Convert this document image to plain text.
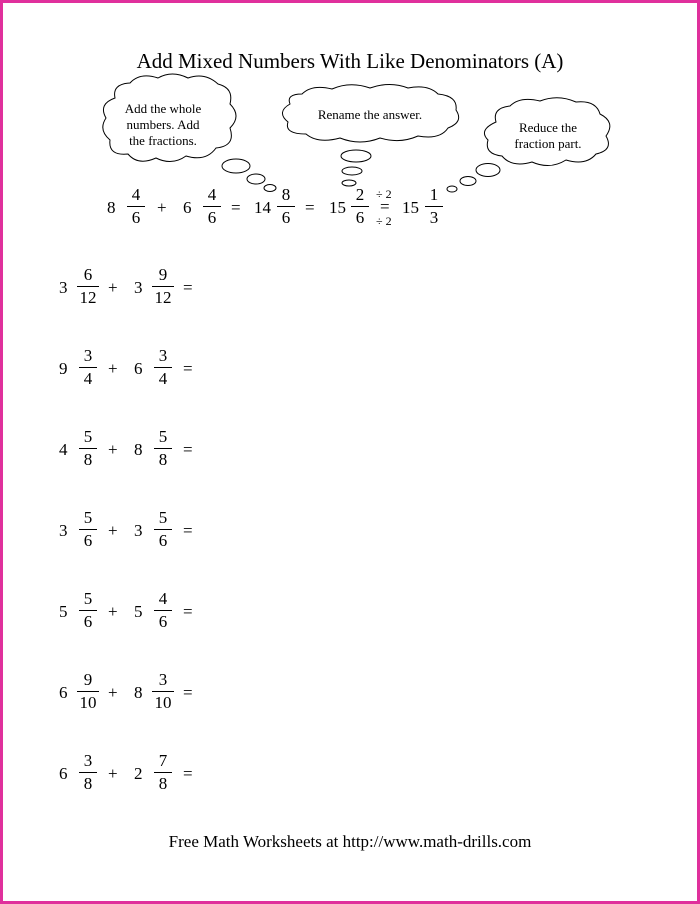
Add Mixed Numbers With Like Denominators (A)
Add the whole
numbers. Add
the fractions.
Rename the answer.
Reduce the
fraction part.
8
4
6
+ 6
4
6
= 14
8
6
= 15
2
6
÷ 2
=
÷ 2
15
1
3
3
6
12
+ 3
9
12
=
9
3
4
+ 6
3
4
=
4
5
8
+ 8
5
8
=
3
5
6
+ 3
5
6
=
5
5
6
+ 5
4
6
=
6
9
10
+ 8
3
10
=
6
3
8
+ 2
7
8
=
Free Math Worksheets at http://www.math-drills.com
